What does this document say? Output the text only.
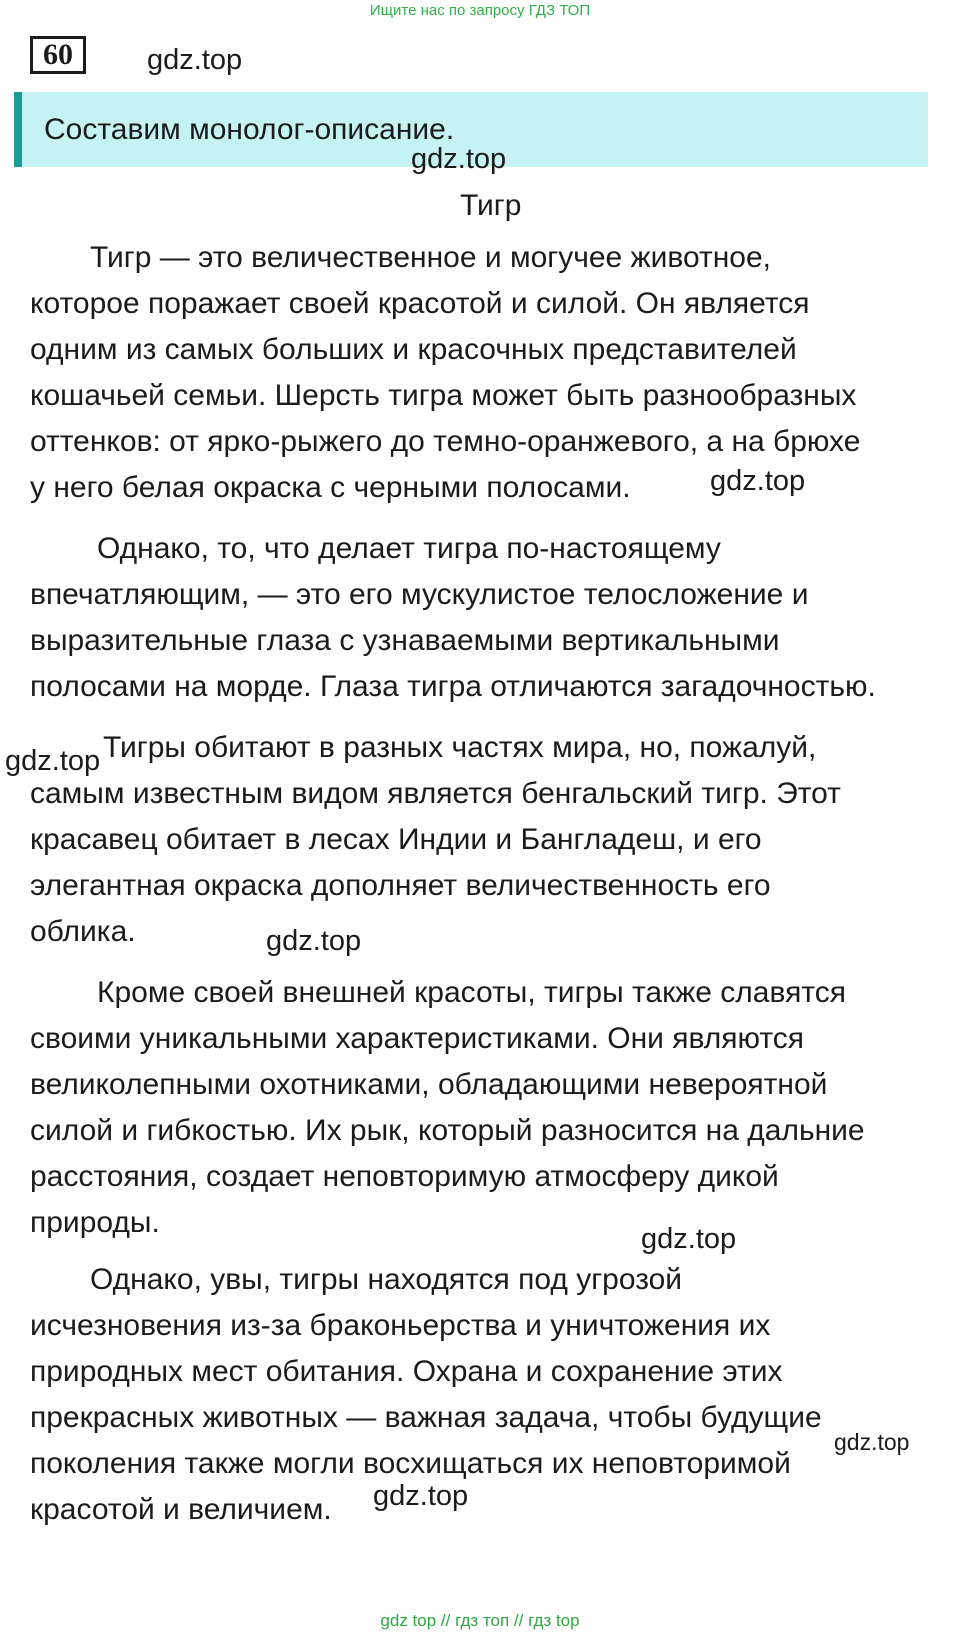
Ищите нас по запросу ГДЗ ТОП
60	gdz.top
Составим монолог-описание.
gdz.top
Тигр
Тигр — это величественное и могучее животное,
которое поражает своей красотой и силой. Он является
одним из самых больших и красочных представителей
кошачьей семьи. Шерсть тигра может быть разнообразных
оттенков: от ярко-рыжего до темно-оранжевого, а на брюхе
у него белая окраска с черными полосами.	gdz.top
Однако, то, что делает тигра по-настоящему
впечатляющим, — это его мускулистое телосложение и
выразительные глаза с узнаваемыми вертикальными
полосами на морде. Глаза тигра отличаются загадочностью.
gdz.top Тигры обитают в разных частях мира, но, пожалуй,
самым известным видом является бенгальский тигр. Этот
красавец обитает в лесах Индии и Бангладеш, и его
элегантная окраска дополняет величественность его
облика.	gdz.top
Кроме своей внешней красоты, тигры также славятся
своими уникальными характеристиками. Они являются
великолепными охотниками, обладающими невероятной
силой и гибкостью. Их рык, который разносится на дальние
расстояния, создает неповторимую атмосферу дикой
природы.	gdz.top
Однако, увы, тигры находятся под угрозой
исчезновения из-за браконьерства и уничтожения их
природных мест обитания. Охрана и сохранение этих
прекрасных животных — важная задача, чтобы будущие
gdz.top
поколения также могли восхищаться их неповторимой
красотой и величием. gdz.top
gdz top // гдз топ // гдз top
